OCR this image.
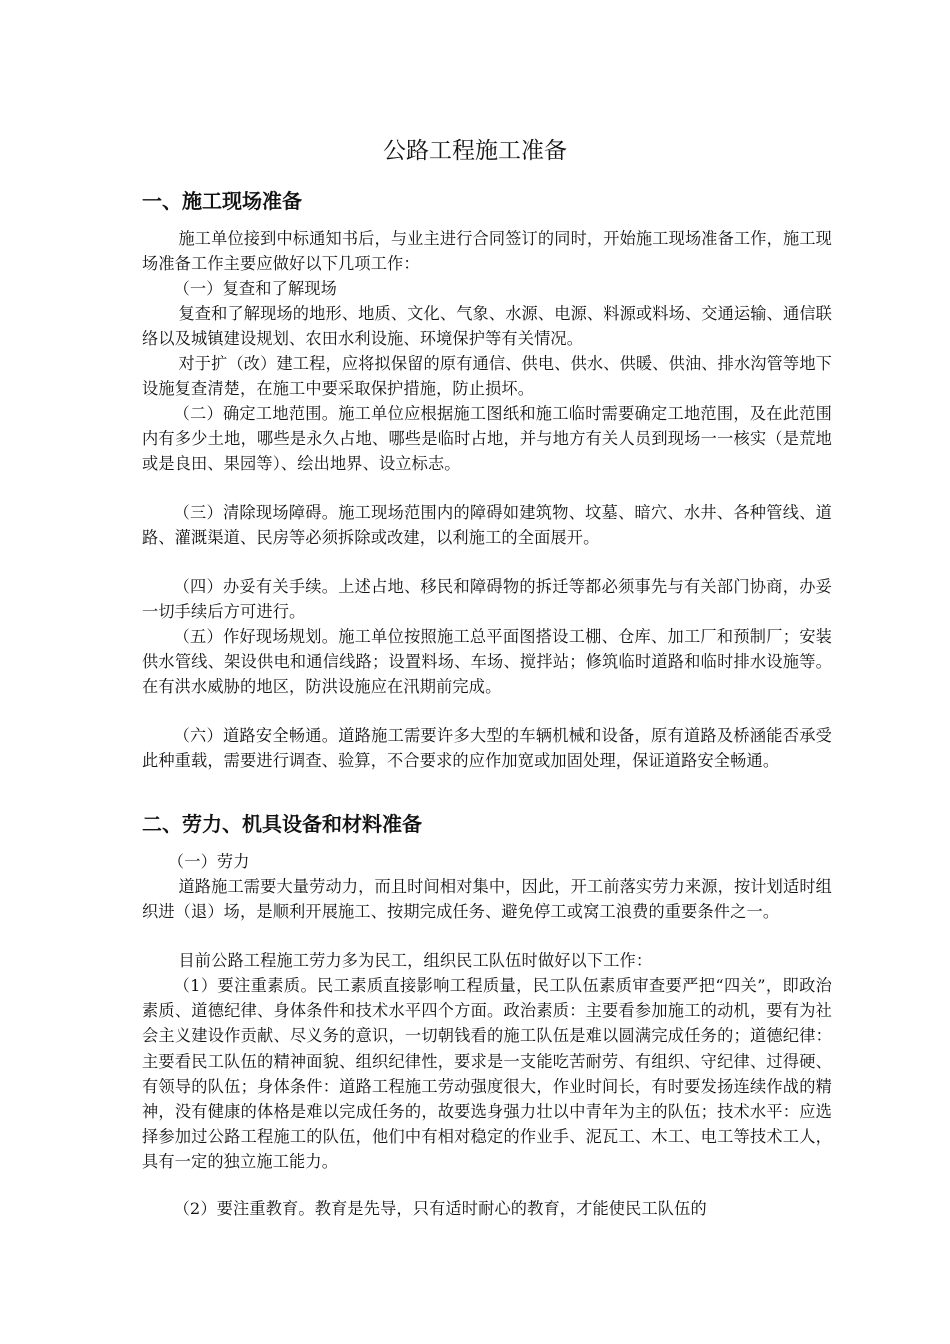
公路工程施工准备
一、施工现场准备

施工单位接到中标通知书后，与业主进行合同签订的同时，开始施工现场准备工作，施工现场准备工作主要应做好以下几项工作：

（一）复查和了解现场

复查和了解现场的地形、地质、文化、气象、水源、电源、料源或料场、交通运输、通信联络以及城镇建设规划、农田水利设施、环境保护等有关情况。

对于扩（改）建工程，应将拟保留的原有通信、供电、供水、供暖、供油、排水沟管等地下设施复查清楚，在施工中要采取保护措施，防止损坏。

（二）确定工地范围。施工单位应根据施工图纸和施工临时需要确定工地范围，及在此范围内有多少土地，哪些是永久占地、哪些是临时占地，并与地方有关人员到现场一一核实（是荒地或是良田、果园等）、绘出地界、设立标志。

（三）清除现场障碍。施工现场范围内的障碍如建筑物、坟墓、暗穴、水井、各种管线、道路、灌溉渠道、民房等必须拆除或改建，以利施工的全面展开。

（四）办妥有关手续。上述占地、移民和障碍物的拆迁等都必须事先与有关部门协商，办妥一切手续后方可进行。

（五）作好现场规划。施工单位按照施工总平面图搭设工棚、仓库、加工厂和预制厂；安装供水管线、架设供电和通信线路；设置料场、车场、搅拌站；修筑临时道路和临时排水设施等。在有洪水威胁的地区，防洪设施应在汛期前完成。

（六）道路安全畅通。道路施工需要许多大型的车辆机械和设备，原有道路及桥涵能否承受此种重载，需要进行调查、验算，不合要求的应作加宽或加固处理，保证道路安全畅通。

二、劳力、机具设备和材料准备

（一）劳力

道路施工需要大量劳动力，而且时间相对集中，因此，开工前落实劳力来源，按计划适时组织进（退）场，是顺利开展施工、按期完成任务、避免停工或窝工浪费的重要条件之一。

目前公路工程施工劳力多为民工，组织民工队伍时做好以下工作：

（1）要注重素质。民工素质直接影响工程质量，民工队伍素质审查要严把“四关”，即政治素质、道德纪律、身体条件和技术水平四个方面。政治素质：主要看参加施工的动机，要有为社会主义建设作贡献、尽义务的意识，一切朝钱看的施工队伍是难以圆满完成任务的；道德纪律：主要看民工队伍的精神面貌、组织纪律性，要求是一支能吃苦耐劳、有组织、守纪律、过得硬、有领导的队伍；身体条件：道路工程施工劳动强度很大，作业时间长，有时要发扬连续作战的精神，没有健康的体格是难以完成任务的，故要选身强力壮以中青年为主的队伍；技术水平：应选择参加过公路工程施工的队伍，他们中有相对稳定的作业手、泥瓦工、木工、电工等技术工人，具有一定的独立施工能力。

（2）要注重教育。教育是先导，只有适时耐心的教育，才能使民工队伍的
